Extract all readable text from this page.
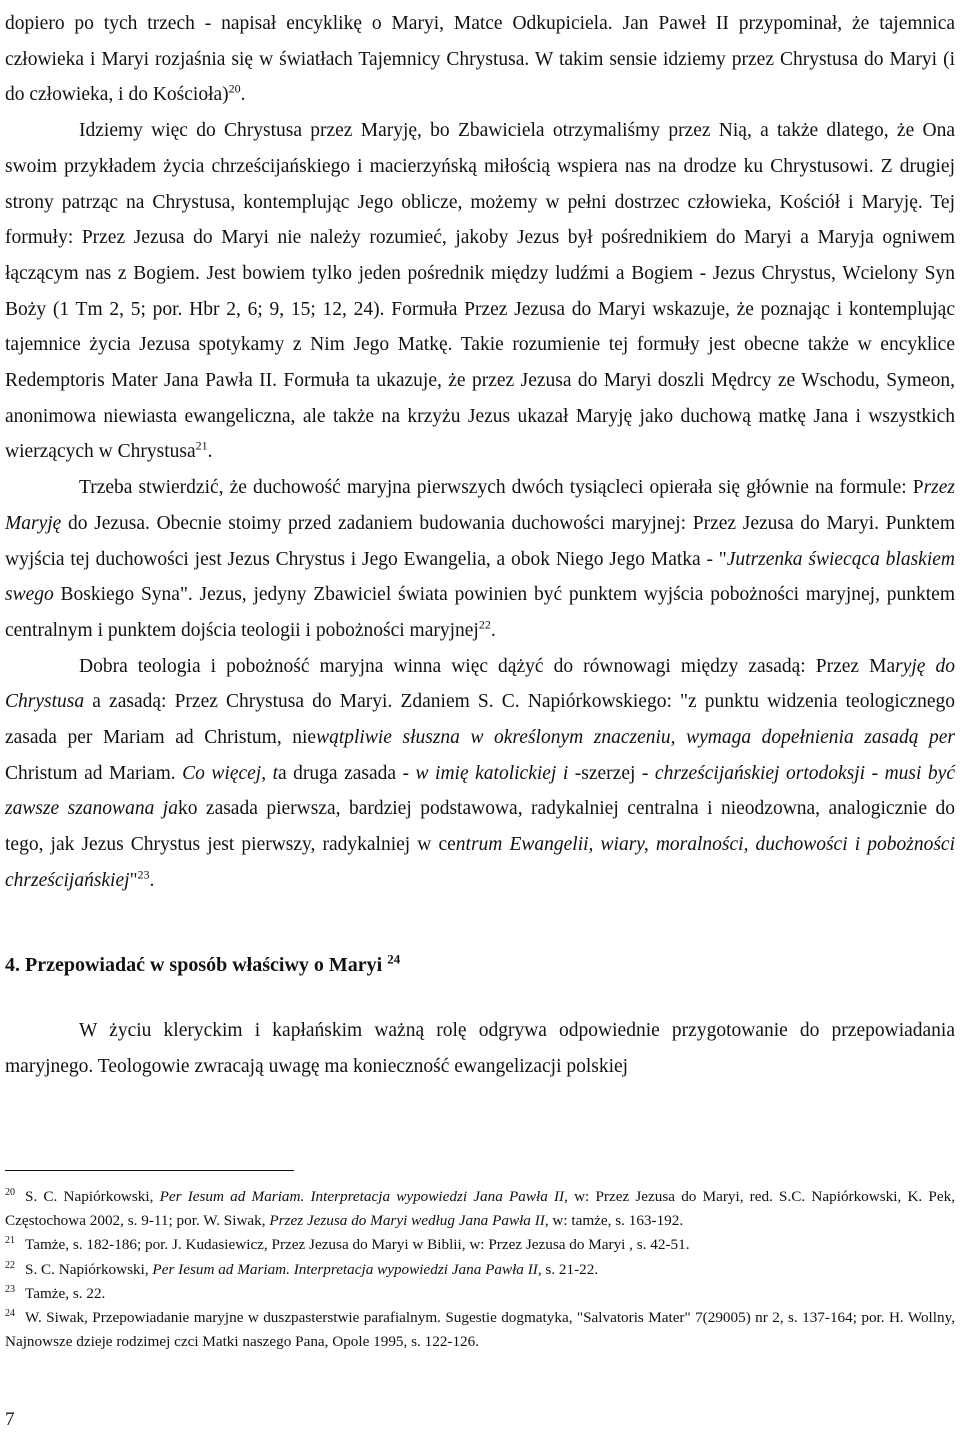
dopiero po tych trzech - napisał encyklikę o Maryi, Matce Odkupiciela. Jan Paweł II przypominał, że tajemnica człowieka i Maryi rozjaśnia się w światłach Tajemnicy Chrystusa. W takim sensie idziemy przez Chrystusa do Maryi (i do człowieka, i do Kościoła)$^{20}$.

Idziemy więc do Chrystusa przez Maryję, bo Zbawiciela otrzymaliśmy przez Nią, a także dlatego, że Ona swoim przykładem życia chrześcijańskiego i macierzyńską miłością wspiera nas na drodze ku Chrystusowi. Z drugiej strony patrząc na Chrystusa, kontemplując Jego oblicze, możemy w pełni dostrzec człowieka, Kościół i Maryję. Tej formuły: Przez Jezusa do Maryi nie należy rozumieć, jakoby Jezus był pośrednikiem do Maryi a Maryja ogniwem łączącym nas z Bogiem. Jest bowiem tylko jeden pośrednik między ludźmi a Bogiem - Jezus Chrystus, Wcielony Syn Boży (1 Tm 2, 5; por. Hbr 2, 6; 9, 15; 12, 24). Formuła Przez Jezusa do Maryi wskazuje, że poznając i kontemplując tajemnice życia Jezusa spotykamy z Nim Jego Matkę. Takie rozumienie tej formuły jest obecne także w encyklice Redemptoris Mater Jana Pawła II. Formuła ta ukazuje, że przez Jezusa do Maryi doszli Mędrcy ze Wschodu, Symeon, anonimowa niewiasta ewangeliczna, ale także na krzyżu Jezus ukazał Maryję jako duchową matkę Jana i wszystkich wierzących w Chrystusa$^{21}$.

Trzeba stwierdzić, że duchowość maryjna pierwszych dwóch tysiącleci opierała się głównie na formule: Przez Maryję do Jezusa. Obecnie stoimy przed zadaniem budowania duchowości maryjnej: Przez Jezusa do Maryi. Punktem wyjścia tej duchowości jest Jezus Chrystus i Jego Ewangelia, a obok Niego Jego Matka - "Jutrzenka świecąca blaskiem swego Boskiego Syna". Jezus, jedyny Zbawiciel świata powinien być punktem wyjścia pobożności maryjnej, punktem centralnym i punktem dojścia teologii i pobożności maryjnej$^{22}$.

Dobra teologia i pobożność maryjna winna więc dążyć do równowagi między zasadą: Przez Maryję do Chrystusa a zasadą: Przez Chrystusa do Maryi. Zdaniem S. C. Napiórkowskiego: "z punktu widzenia teologicznego zasada per Mariam ad Christum, niewątpliwie słuszna w określonym znaczeniu, wymaga dopełnienia zasadą per Christum ad Mariam. Co więcej, ta druga zasada - w imię katolickiej i -szerzej - chrześcijańskiej ortodoksji - musi być zawsze szanowana jako zasada pierwsza, bardziej podstawowa, radykalniej centralna i nieodzowna, analogicznie do tego, jak Jezus Chrystus jest pierwszy, radykalniej w centrum Ewangelii, wiary, moralności, duchowości i pobożności chrześcijańskiej"$^{23}$.

4. Przepowiadać w sposób właściwy o Maryi $^{24}$

W życiu kleryckim i kapłańskim ważną rolę odgrywa odpowiednie przygotowanie do przepowiadania maryjnego. Teologowie zwracają uwagę ma konieczność ewangelizacji polskiej

$^{20}$ S. C. Napiórkowski, Per Iesum ad Mariam. Interpretacja wypowiedzi Jana Pawła II, w: Przez Jezusa do Maryi, red. S.C. Napiórkowski, K. Pek, Częstochowa 2002, s. 9-11; por. W. Siwak, Przez Jezusa do Maryi według Jana Pawła II, w: tamże, s. 163-192.

$^{21}$ Tamże, s. 182-186; por. J. Kudasiewicz, Przez Jezusa do Maryi w Biblii, w: Przez Jezusa do Maryi , s. 42-51.

$^{22}$ S. C. Napiórkowski, Per Iesum ad Mariam. Interpretacja wypowiedzi Jana Pawła II, s. 21-22.

$^{23}$ Tamże, s. 22.

$^{24}$ W. Siwak, Przepowiadanie maryjne w duszpasterstwie parafialnym. Sugestie dogmatyka, "Salvatoris Mater" 7(29005) nr 2, s. 137-164; por. H. Wollny, Najnowsze dzieje rodzimej czci Matki naszego Pana, Opole 1995, s. 122-126.

7
